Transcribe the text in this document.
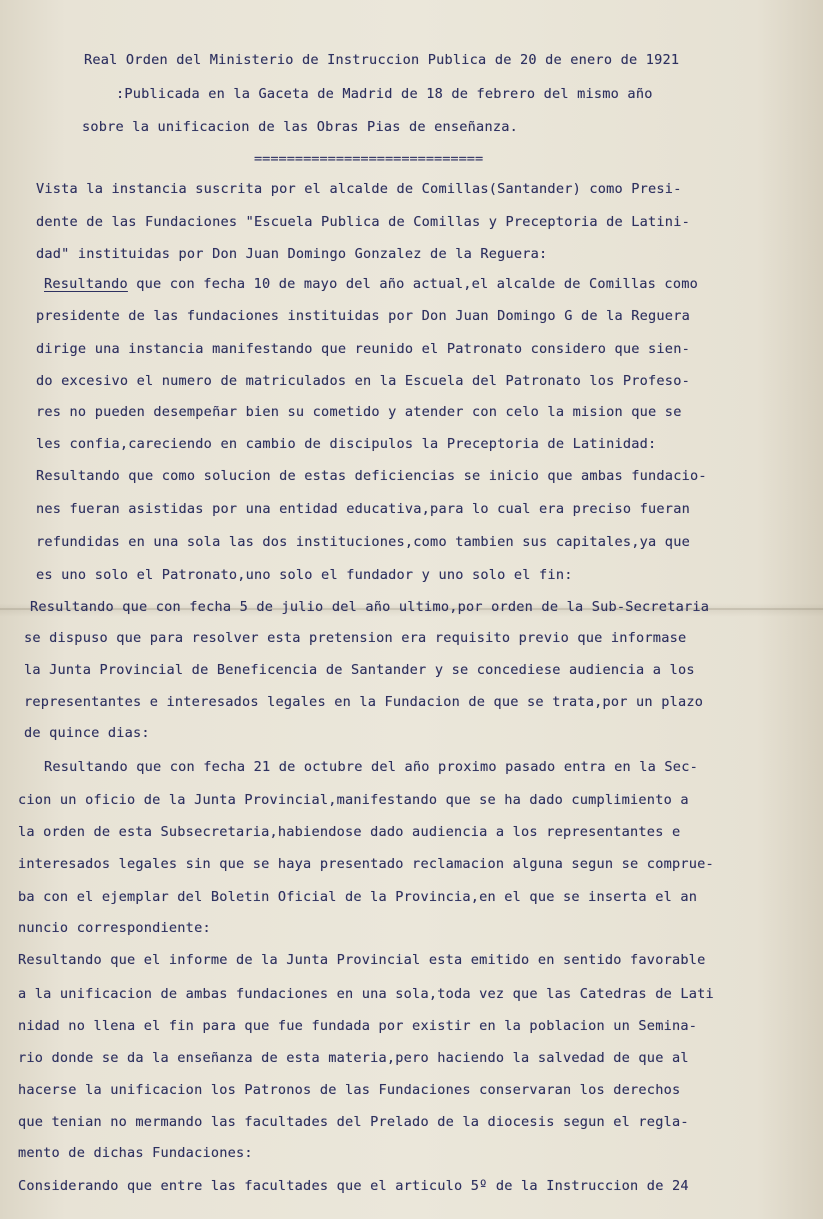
Real Orden del Ministerio de Instruccion Publica de 20 de enero de 1921
:Publicada en la Gaceta de Madrid de 18 de febrero del mismo año
sobre la unificacion de las Obras Pias de enseñanza.
============================
Vista la instancia suscrita por el alcalde de Comillas(Santander) como Presi-
dente de las Fundaciones "Escuela Publica de Comillas y Preceptoria de Latini-
dad" instituidas por Don Juan Domingo Gonzalez de la Reguera:
Resultando que con fecha 10 de mayo del año actual,el alcalde de Comillas como
presidente de las fundaciones instituidas por Don Juan Domingo G de la Reguera
dirige una instancia manifestando que reunido el Patronato considero que sien-
do excesivo el numero de matriculados en la Escuela del Patronato los Profeso-
res no pueden desempeñar bien su cometido y atender con celo la mision que se
les confia,careciendo en cambio de discipulos la Preceptoria de Latinidad:
Resultando que como solucion de estas deficiencias se inicio que ambas fundacio-
nes fueran asistidas por una entidad educativa,para lo cual era preciso fueran
refundidas en una sola las dos instituciones,como tambien sus capitales,ya que
es uno solo el Patronato,uno solo el fundador y uno solo el fin:
Resultando que con fecha 5 de julio del año ultimo,por orden de la Sub-Secretaria
se dispuso que para resolver esta pretension era requisito previo que informase
la Junta Provincial de Beneficencia de Santander y se concediese audiencia a los
representantes e interesados legales en la Fundacion de que se trata,por un plazo
de quince dias:
Resultando que con fecha 21 de octubre del año proximo pasado entra en la Sec-
cion un oficio de la Junta Provincial,manifestando que se ha dado cumplimiento a
la orden de esta Subsecretaria,habiendose dado audiencia a los representantes e
interesados legales sin que se haya presentado reclamacion alguna segun se comprue-
ba con el ejemplar del Boletin Oficial de la Provincia,en el que se inserta el an
nuncio correspondiente:
Resultando que el informe de la Junta Provincial esta emitido en sentido favorable
a la unificacion de ambas fundaciones en una sola,toda vez que las Catedras de Lati
nidad no llena el fin para que fue fundada por existir en la poblacion un Semina-
rio donde se da la enseñanza de esta materia,pero haciendo la salvedad de que al
hacerse la unificacion los Patronos de las Fundaciones conservaran los derechos
que tenian no mermando las facultades del Prelado de la diocesis segun el regla-
mento de dichas Fundaciones:
Considerando que entre las facultades que el articulo 5º de la Instruccion de 24
